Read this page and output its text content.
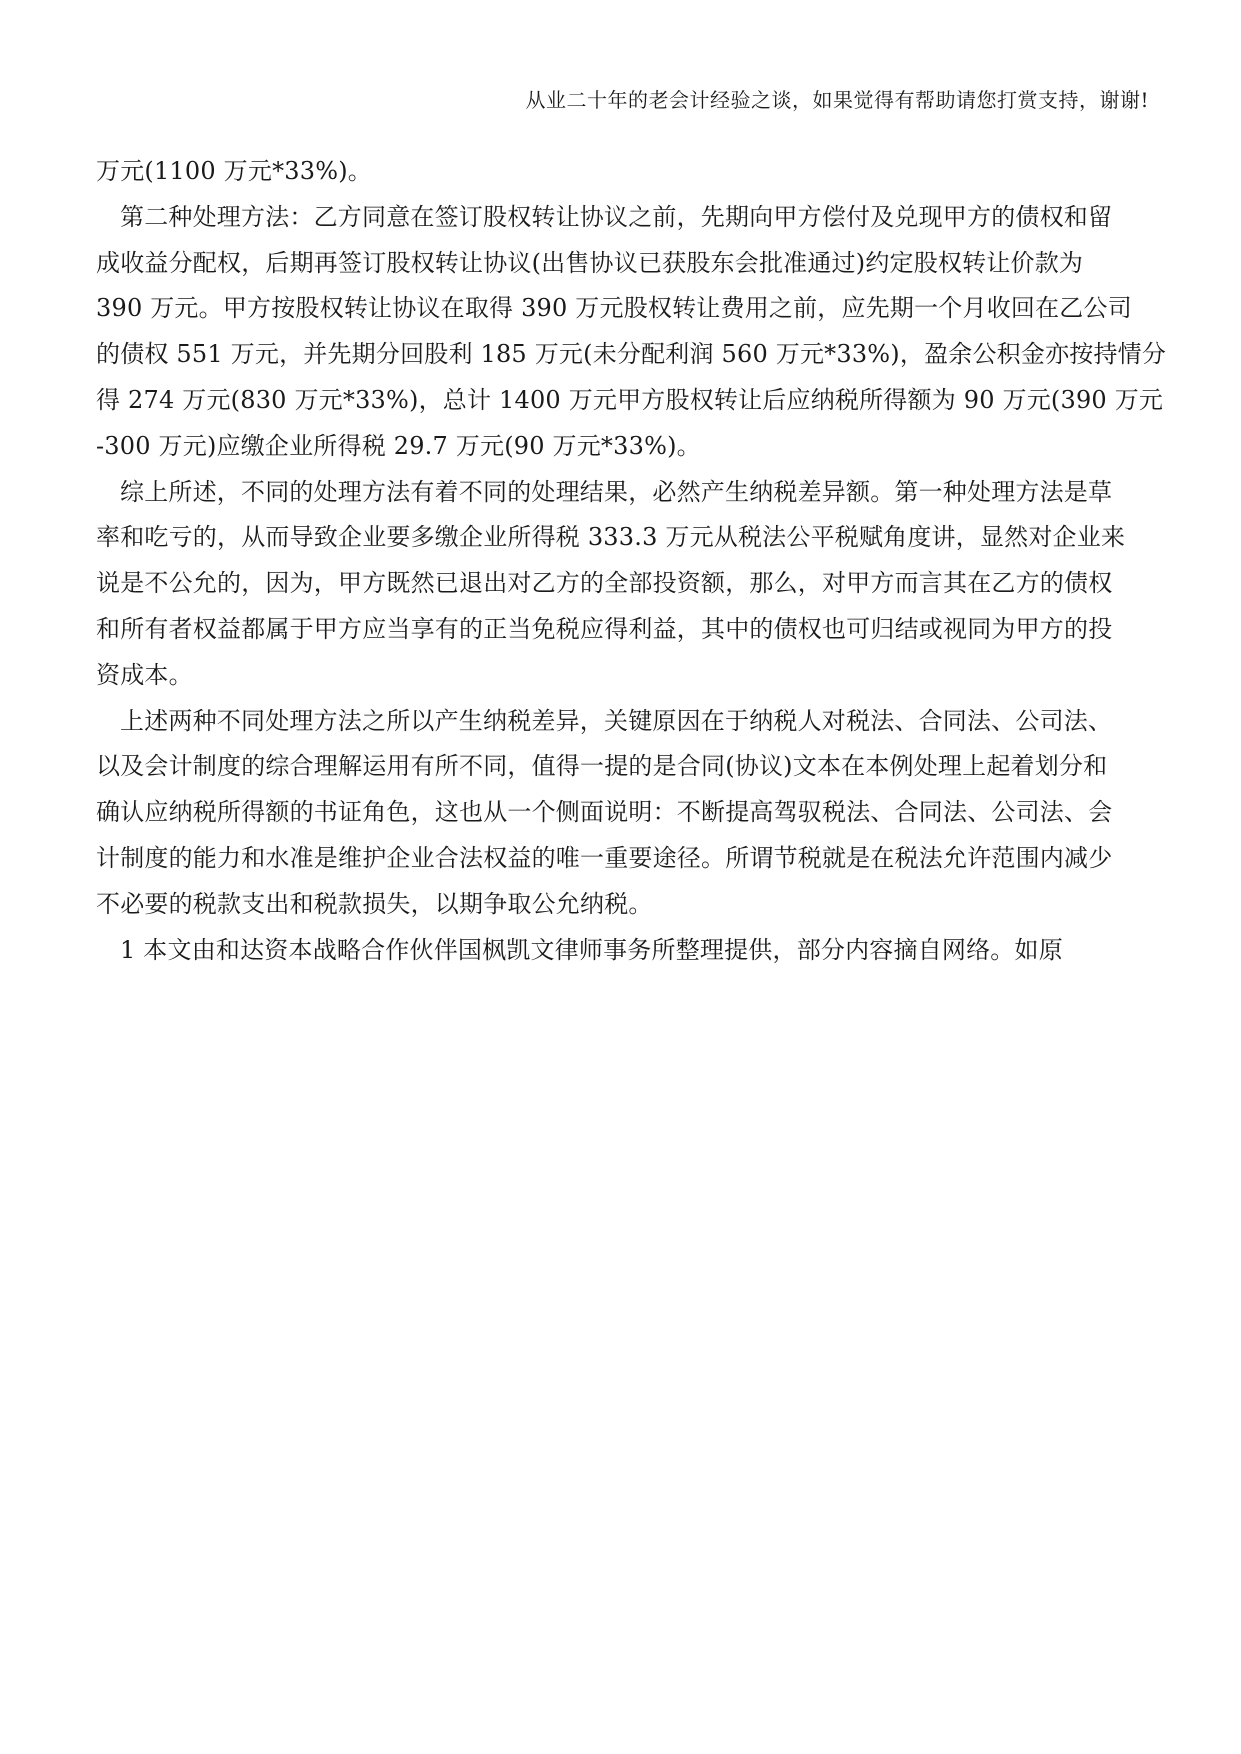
从业二十年的老会计经验之谈，如果觉得有帮助请您打赏支持，谢谢!
万元(1100 万元*33%)。
第二种处理方法：乙方同意在签订股权转让协议之前，先期向甲方偿付及兑现甲方的债权和留
成收益分配权，后期再签订股权转让协议(出售协议已获股东会批准通过)约定股权转让价款为
390 万元。甲方按股权转让协议在取得 390 万元股权转让费用之前，应先期一个月收回在乙公司
的债权 551 万元，并先期分回股利 185 万元(未分配利润 560 万元*33%)，盈余公积金亦按持情分
得 274 万元(830 万元*33%)，总计 1400 万元甲方股权转让后应纳税所得额为 90 万元(390 万元
-300 万元)应缴企业所得税 29.7 万元(90 万元*33%)。
综上所述，不同的处理方法有着不同的处理结果，必然产生纳税差异额。第一种处理方法是草
率和吃亏的，从而导致企业要多缴企业所得税 333.3 万元从税法公平税赋角度讲，显然对企业来
说是不公允的，因为，甲方既然已退出对乙方的全部投资额，那么，对甲方而言其在乙方的债权
和所有者权益都属于甲方应当享有的正当免税应得利益，其中的债权也可归结或视同为甲方的投
资成本。
上述两种不同处理方法之所以产生纳税差异，关键原因在于纳税人对税法、合同法、公司法、
以及会计制度的综合理解运用有所不同，值得一提的是合同(协议)文本在本例处理上起着划分和
确认应纳税所得额的书证角色，这也从一个侧面说明：不断提高驾驭税法、合同法、公司法、会
计制度的能力和水准是维护企业合法权益的唯一重要途径。所谓节税就是在税法允许范围内减少
不必要的税款支出和税款损失，以期争取公允纳税。
1 本文由和达资本战略合作伙伴国枫凯文律师事务所整理提供，部分内容摘自网络。如原
